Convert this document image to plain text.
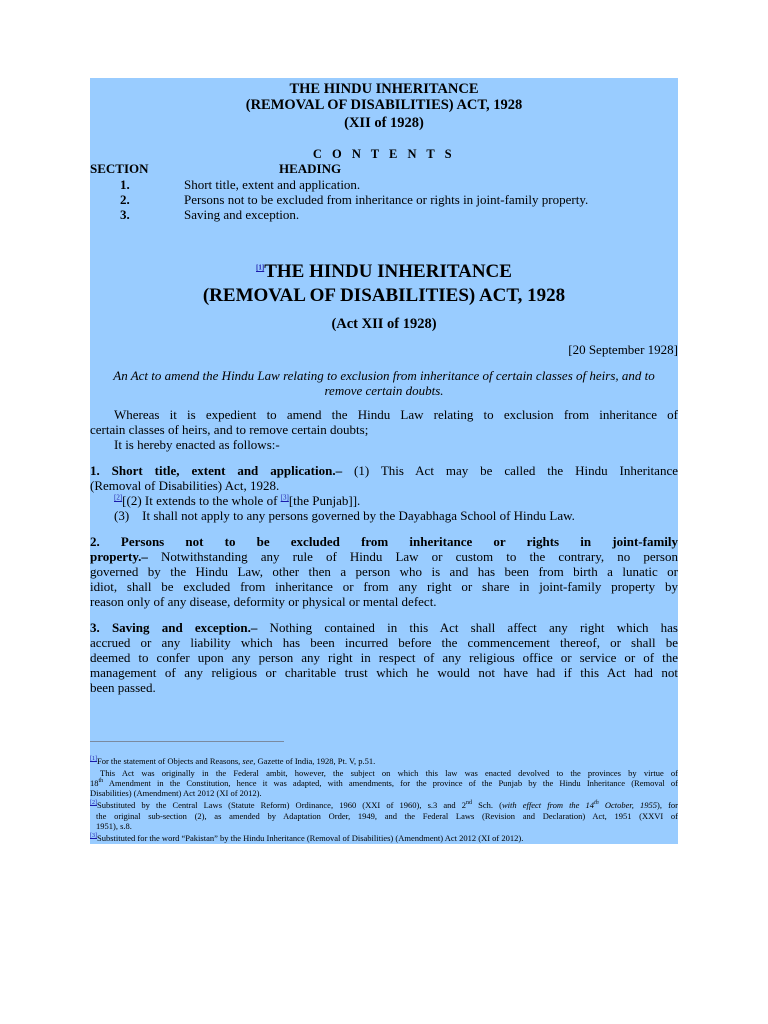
THE HINDU INHERITANCE
(REMOVAL OF DISABILITIES) ACT, 1928
(XII of 1928)
C O N T E N T S
SECTION	HEADING
1.	Short title, extent and application.
2.	Persons not to be excluded from inheritance or rights in joint-family property.
3.	Saving and exception.
[1]THE HINDU INHERITANCE
(REMOVAL OF DISABILITIES) ACT, 1928
(Act XII of 1928)
[20 September 1928]
An Act to amend the Hindu Law relating to exclusion from inheritance of certain classes of heirs, and to remove certain doubts.
Whereas it is expedient to amend the Hindu Law relating to exclusion from inheritance of
certain classes of heirs, and to remove certain doubts;
It is hereby enacted as follows:-
1. Short title, extent and application.– (1) This Act may be called the Hindu Inheritance
(Removal of Disabilities) Act, 1928.
[2][(2) It extends to the whole of [3][the Punjab]].
(3)    It shall not apply to any persons governed by the Dayabhaga School of Hindu Law.
2. Persons not to be excluded from inheritance or rights in joint-family
property.– Notwithstanding any rule of Hindu Law or custom to the contrary, no person
governed by the Hindu Law, other then a person who is and has been from birth a lunatic or
idiot, shall be excluded from inheritance or from any right or share in joint-family property by
reason only of any disease, deformity or physical or mental defect.
3. Saving and exception.– Nothing contained in this Act shall affect any right which has
accrued or any liability which has been incurred before the commencement thereof, or shall be
deemed to confer upon any person any right in respect of any religious office or service or of the
management of any religious or charitable trust which he would not have had if this Act had not
been passed.
[1]For the statement of Objects and Reasons, see, Gazette of India, 1928, Pt. V, p.51.
This Act was originally in the Federal ambit, however, the subject on which this law was enacted devolved to the provinces by virtue of
18th Amendment in the Constitution, hence it was adapted, with amendments, for the province of the Punjab by the Hindu Inheritance (Removal of
Disabilities) (Amendment) Act 2012 (XI of 2012).
[2]Substituted by the Central Laws (Statute Reform) Ordinance, 1960 (XXI of 1960), s.3 and 2nd Sch. (with effect from the 14th October, 1955), for
the original sub-section (2), as amended by Adaptation Order, 1949, and the Federal Laws (Revision and Declaration) Act, 1951 (XXVI of
1951), s.8.
[3]Substituted for the word “Pakistan” by the Hindu Inheritance (Removal of Disabilities) (Amendment) Act 2012 (XI of 2012).
